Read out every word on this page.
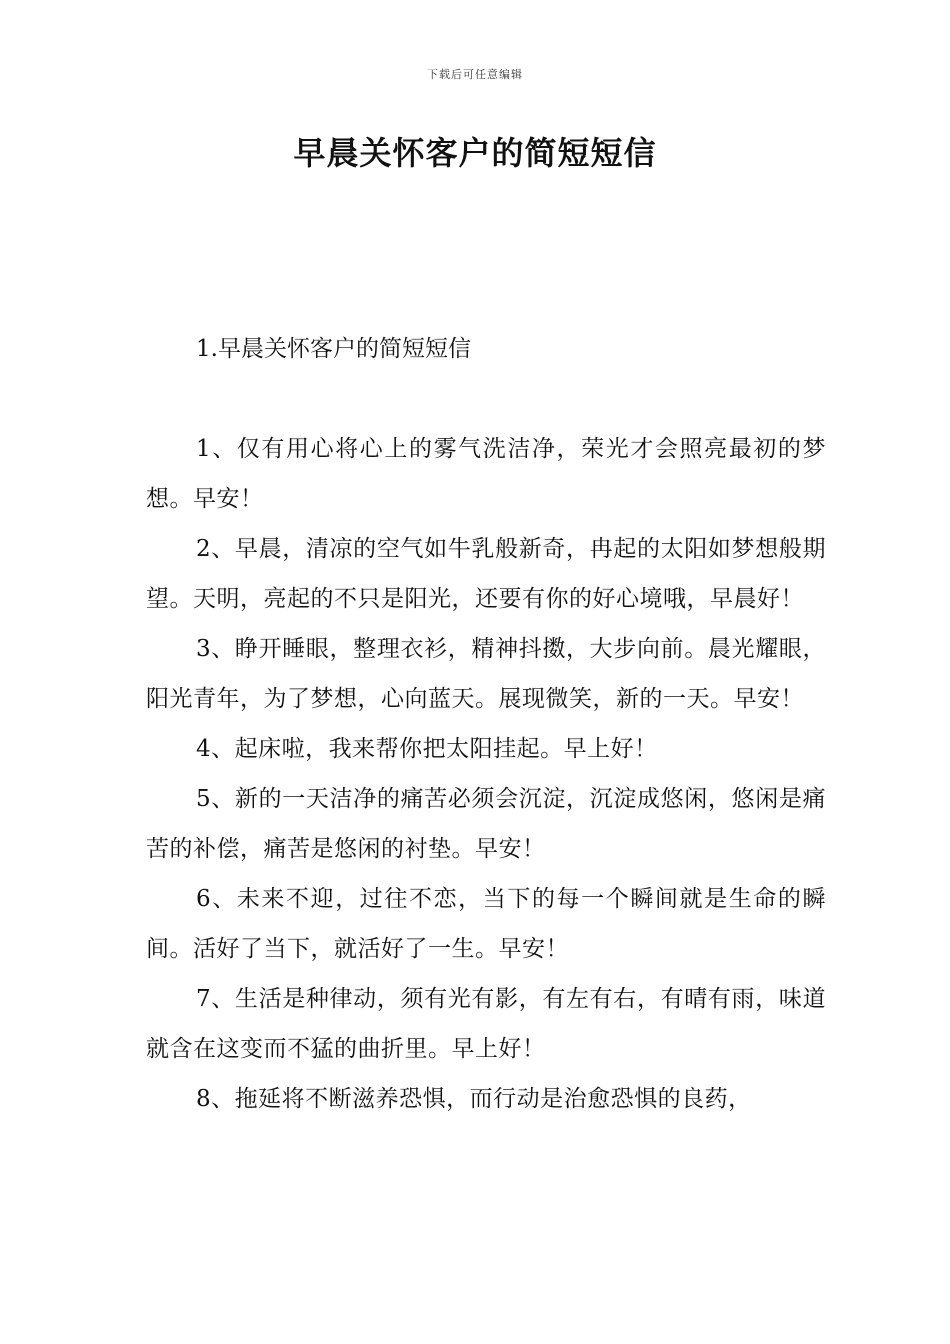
下载后可任意编辑
早晨关怀客户的简短短信
1.早晨关怀客户的简短短信

1、仅有用心将心上的雾气洗洁净，荣光才会照亮最初的梦想。早安！

2、早晨，清凉的空气如牛乳般新奇，冉起的太阳如梦想般期望。天明，亮起的不只是阳光，还要有你的好心境哦，早晨好！

3、睁开睡眼，整理衣衫，精神抖擞，大步向前。晨光耀眼，阳光青年，为了梦想，心向蓝天。展现微笑，新的一天。早安！

4、起床啦，我来帮你把太阳挂起。早上好！

5、新的一天洁净的痛苦必须会沉淀，沉淀成悠闲，悠闲是痛苦的补偿，痛苦是悠闲的衬垫。早安！

6、未来不迎，过往不恋，当下的每一个瞬间就是生命的瞬间。活好了当下，就活好了一生。早安！

7、生活是种律动，须有光有影，有左有右，有晴有雨，味道就含在这变而不猛的曲折里。早上好！

8、拖延将不断滋养恐惧，而行动是治愈恐惧的良药，
